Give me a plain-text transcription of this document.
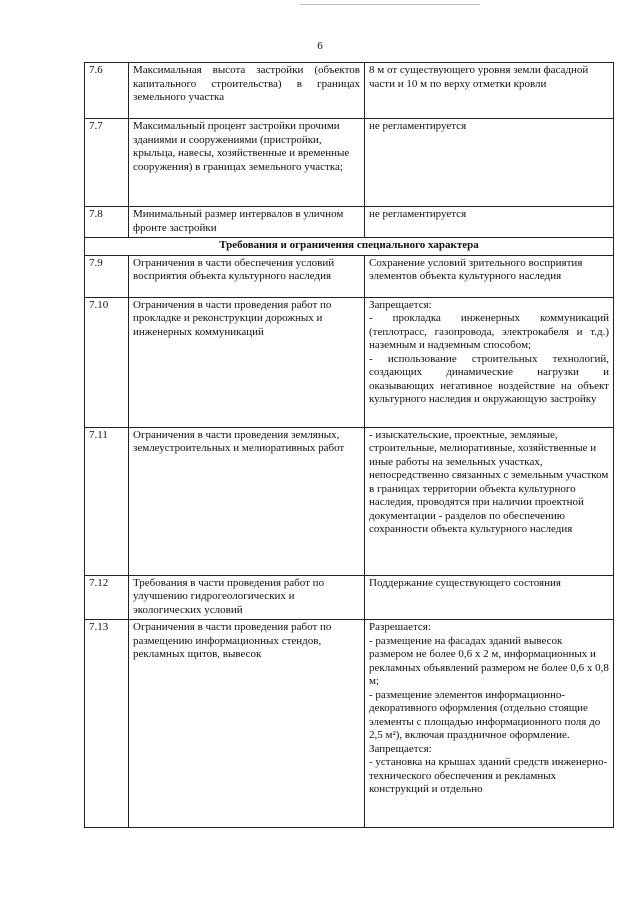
6
7.6	Максимальная высота застройки (объектов капитального строительства) в границах земельного участка	8 м от существующего уровня земли фасадной части и 10 м по верху отметки кровли
7.7	Максимальный процент застройки прочими зданиями и сооружениями (пристройки, крыльца, навесы, хозяйственные и временные сооружения) в границах земельного участка;	не регламентируется
7.8	Минимальный размер интервалов в уличном фронте застройки	не регламентируется
Требования и ограничения специального характера		
7.9	Ограничения в части обеспечения условий восприятия объекта культурного наследия	Сохранение условий зрительного восприятия элементов объекта культурного наследия

7.10	Ограничения в части проведения работ по прокладке и реконструкции дорожных и инженерных коммуникаций	Запрещается:
- прокладка инженерных коммуникаций (теплотрасс, газопровода, электрокабеля и т.д.) наземным и надземным способом;
- использование строительных технологий, создающих динамические нагрузки и оказывающих негативное воздействие на объект культурного наследия и окружающую застройку

7.11	Ограничения в части проведения земляных, землеустроительных и мелиоративных работ	- изыскательские, проектные, земляные, строительные, мелиоративные, хозяйственные и иные работы на земельных участках, непосредственно связанных с земельным участком в границах территории объекта культурного наследия, проводятся при наличии проектной документации - разделов по обеспечению сохранности объекта культурного наследия

7.12	Требования в части проведения работ по улучшению гидрогеологических и экологических условий	Поддержание существующего состояния

7.13	Ограничения в части проведения работ по размещению информационных стендов, рекламных щитов, вывесок	Разрешается:
- размещение на фасадах зданий вывесок размером не более 0,6 x 2 м, информационных и рекламных объявлений размером не более 0,6 x 0,8 м;
- размещение элементов информационно-декоративного оформления (отдельно стоящие элементы с площадью информационного поля до 2,5 м²), включая праздничное оформление.
Запрещается:
- установка на крышах зданий средств инженерно-технического обеспечения и рекламных конструкций и отдельно
